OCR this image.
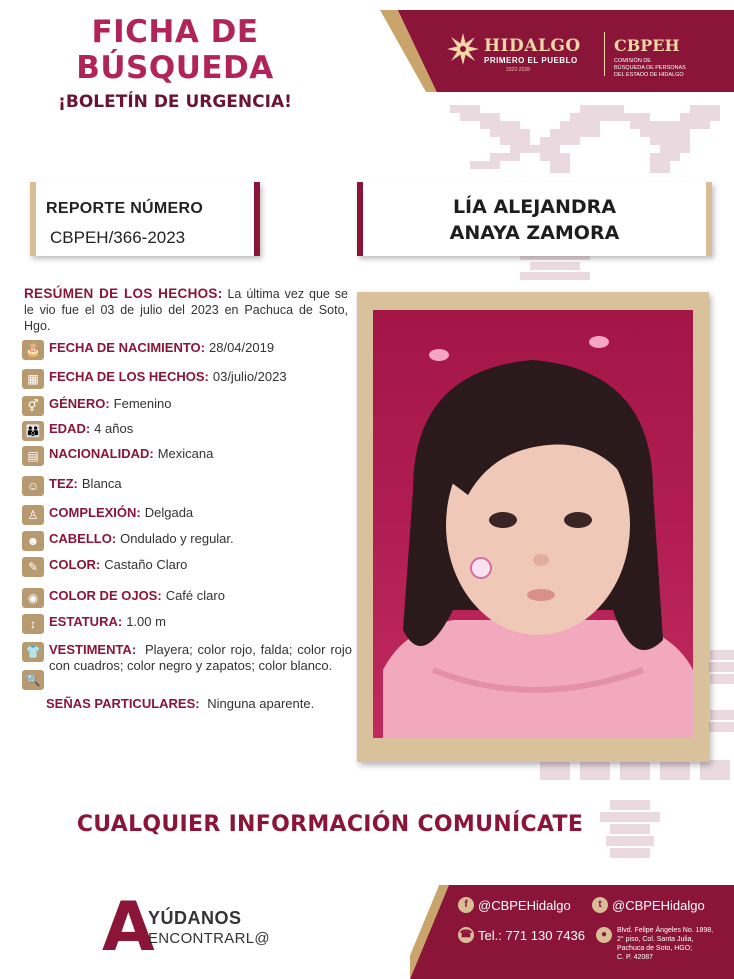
FICHA DE
BÚSQUEDA
¡BOLETÍN DE URGENCIA!
HIDALGO
PRIMERO EL PUEBLO
2022-2028
CBPEH
COMISIÓN DE
BÚSQUEDA DE PERSONAS
DEL ESTADO DE HIDALGO
REPORTE NÚMERO
CBPEH/366-2023
LÍA ALEJANDRA
ANAYA ZAMORA
RESÚMEN DE LOS HECHOS: La última vez que se le vio fue el 03 de julio del 2023 en Pachuca de Soto, Hgo.
🎂 FECHA DE NACIMIENTO: 28/04/2019
▦ FECHA DE LOS HECHOS: 03/julio/2023
⚥ GÉNERO: Femenino
👪 EDAD: 4 años
▤ NACIONALIDAD: Mexicana
☺ TEZ: Blanca
♙ COMPLEXIÓN: Delgada
☻ CABELLO: Ondulado y regular.
✎ COLOR: Castaño Claro
◉ COLOR DE OJOS: Café claro
↕	ESTATURA: 1.00 m
👕 VESTIMENTA: Playera; color rojo, falda; color rojo con cuadros; color negro y zapatos; color blanco.
🔍
SEÑAS PARTICULARES: Ninguna aparente.
CUALQUIER INFORMACIÓN COMUNÍCATE
A
YÚDANOS
ENCONTRARL@
f @CBPEHidalgo	t @CBPEHidalgo
☎ Tel.: 771 130 7436	●	Blvd. Felipe Ángeles No. 1898,
2° piso, Col. Santa Julia,
Pachuca de Soto, HGO;
C. P. 42087
